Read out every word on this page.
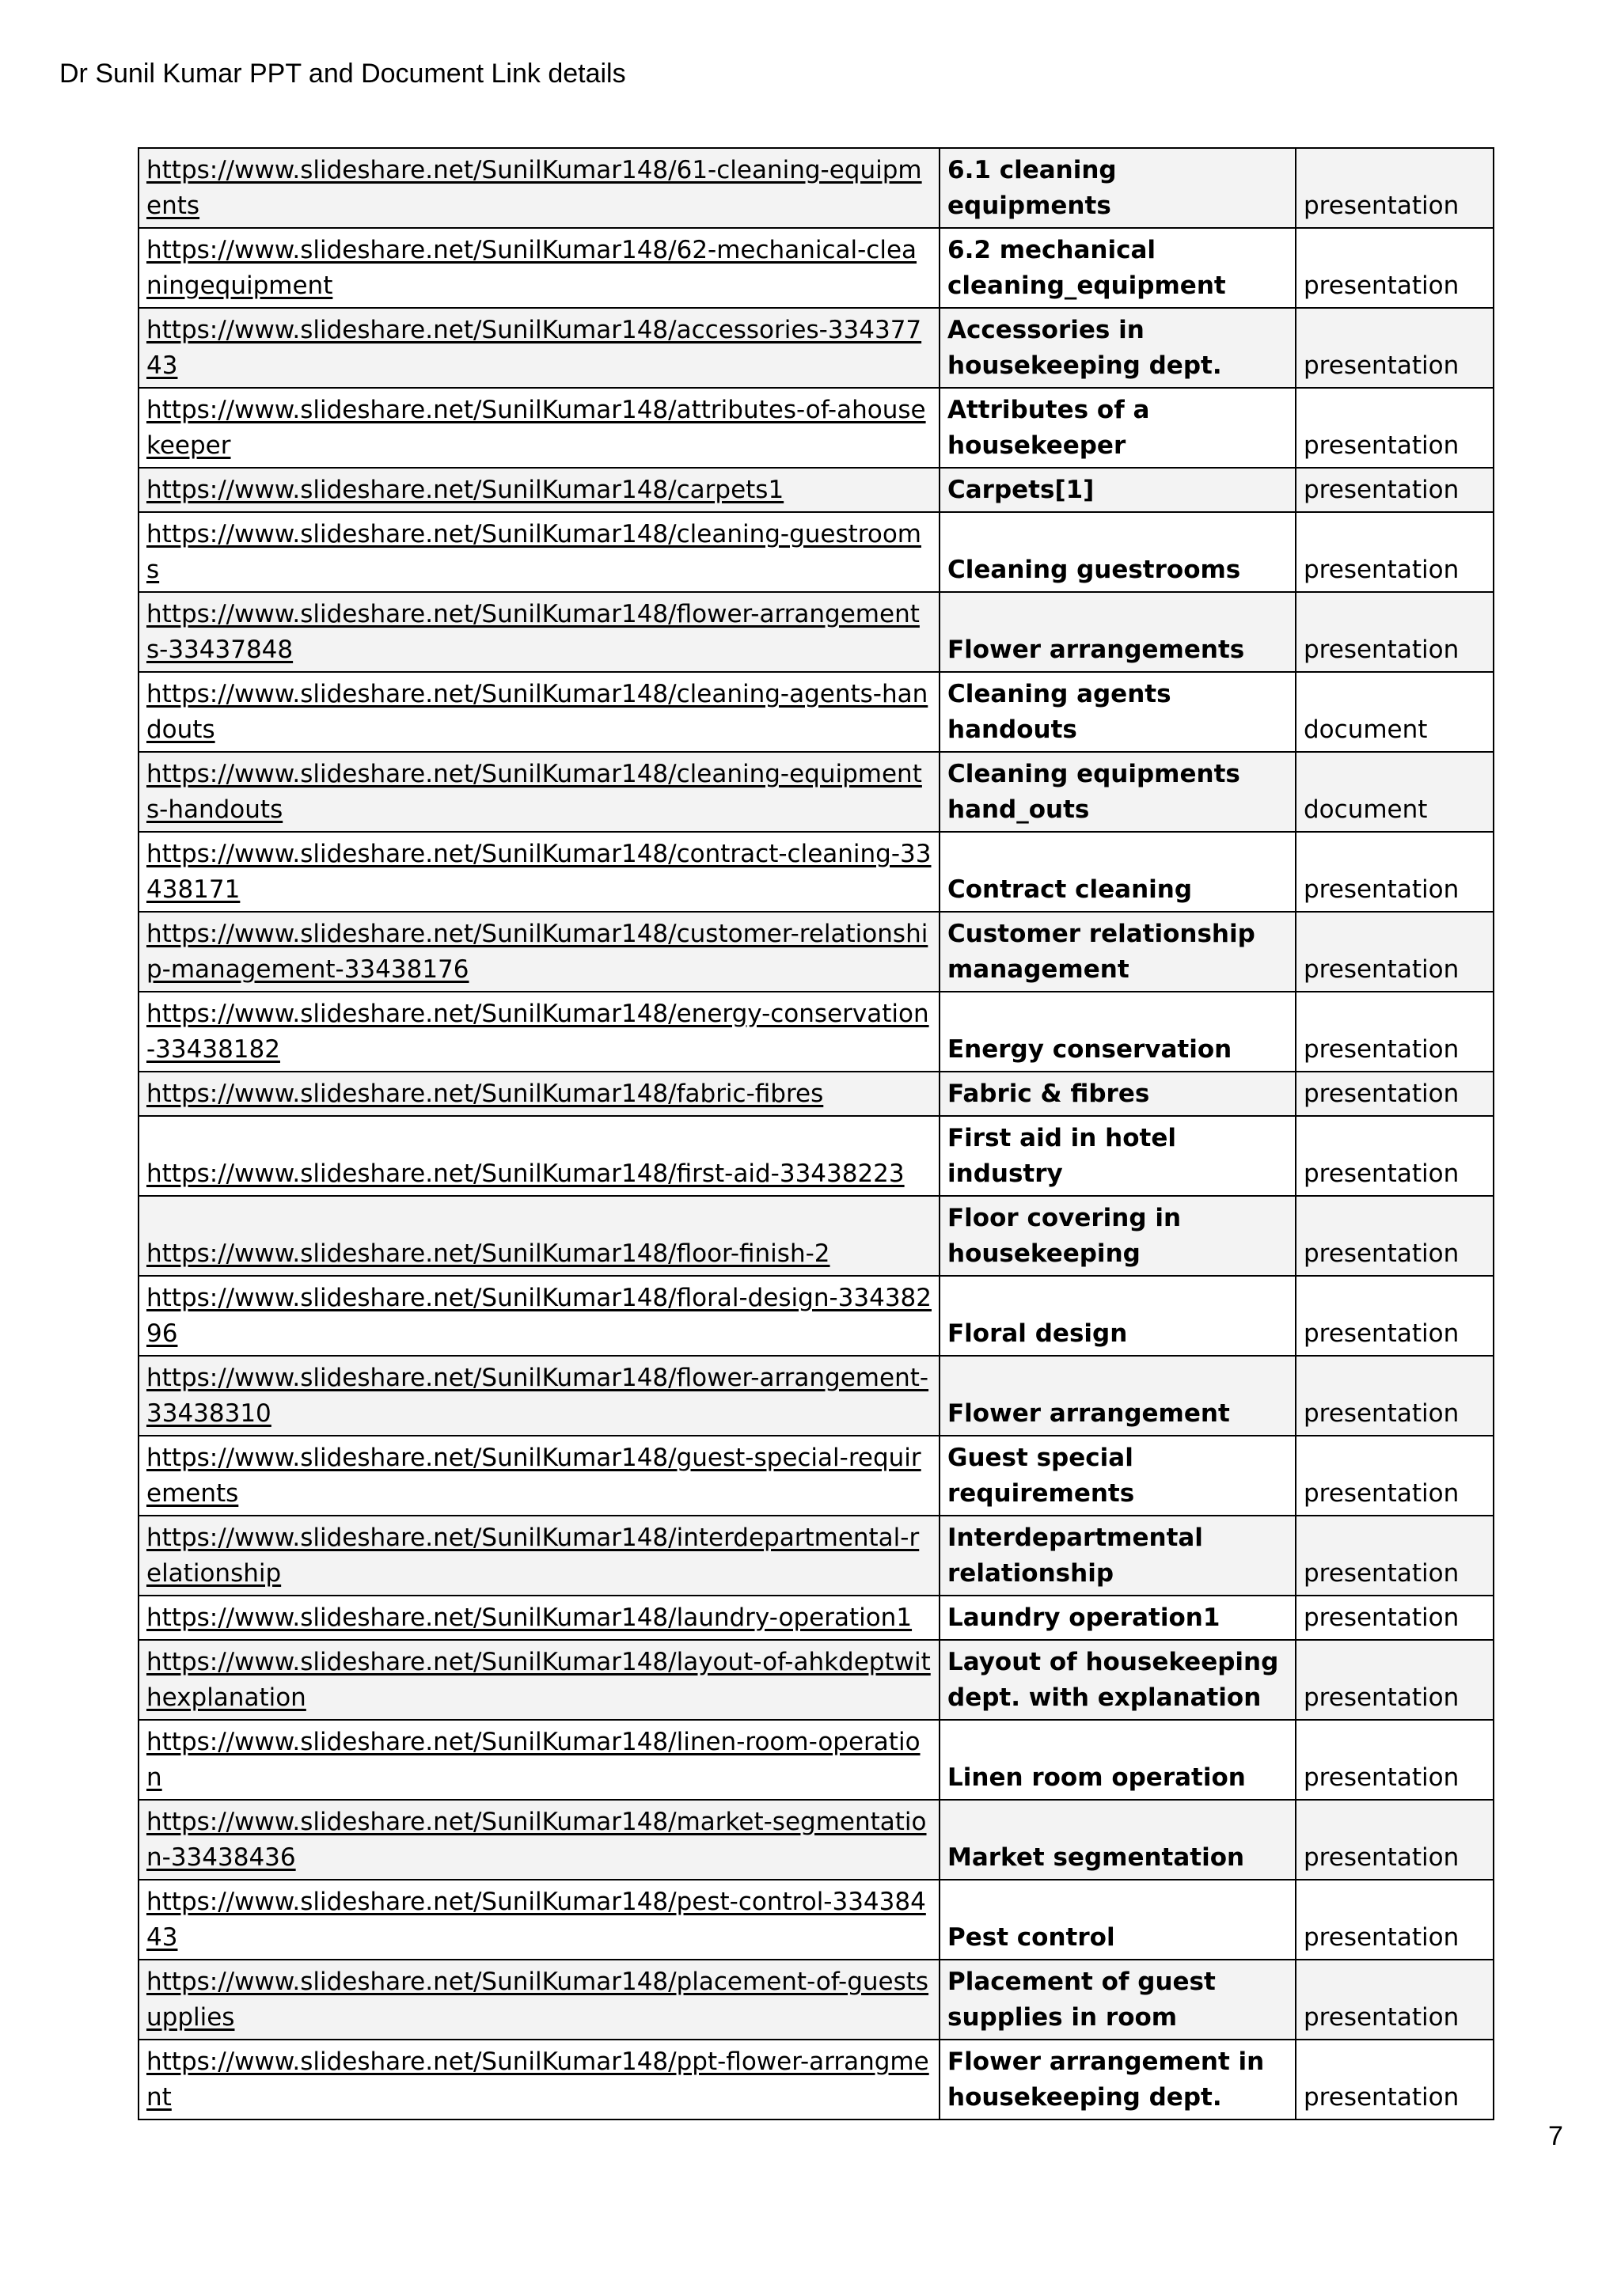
Dr Sunil Kumar PPT and Document Link details
https://www.slideshare.net/SunilKumar148/61-cleaning-equipments	6.1 cleaning equipments	presentation
https://www.slideshare.net/SunilKumar148/62-mechanical-cleaningequipment	6.2 mechanical cleaning_equipment	presentation
https://www.slideshare.net/SunilKumar148/accessories-33437743	Accessories in housekeeping dept.	presentation
https://www.slideshare.net/SunilKumar148/attributes-of-ahousekeeper	Attributes of a housekeeper	presentation
https://www.slideshare.net/SunilKumar148/carpets1	Carpets[1]	presentation
https://www.slideshare.net/SunilKumar148/cleaning-guestrooms	Cleaning guestrooms	presentation
https://www.slideshare.net/SunilKumar148/flower-arrangements-33437848	Flower arrangements	presentation
https://www.slideshare.net/SunilKumar148/cleaning-agents-handouts	Cleaning agents handouts	document
https://www.slideshare.net/SunilKumar148/cleaning-equipments-handouts	Cleaning equipments hand_outs	document
https://www.slideshare.net/SunilKumar148/contract-cleaning-33438171	Contract cleaning	presentation
https://www.slideshare.net/SunilKumar148/customer-relationship-management-33438176	Customer relationship management	presentation
https://www.slideshare.net/SunilKumar148/energy-conservation-33438182	Energy conservation	presentation
https://www.slideshare.net/SunilKumar148/fabric-fibres	Fabric & fibres	presentation
https://www.slideshare.net/SunilKumar148/first-aid-33438223	First aid in hotel industry	presentation
https://www.slideshare.net/SunilKumar148/floor-finish-2	Floor covering in housekeeping	presentation
https://www.slideshare.net/SunilKumar148/floral-design-33438296	Floral design	presentation
https://www.slideshare.net/SunilKumar148/flower-arrangement-33438310	Flower arrangement	presentation
https://www.slideshare.net/SunilKumar148/guest-special-requirements	Guest special requirements	presentation
https://www.slideshare.net/SunilKumar148/interdepartmental-relationship	Interdepartmental relationship	presentation
https://www.slideshare.net/SunilKumar148/laundry-operation1	Laundry operation1	presentation
https://www.slideshare.net/SunilKumar148/layout-of-ahkdeptwithexplanation	Layout of housekeeping dept. with explanation	presentation
https://www.slideshare.net/SunilKumar148/linen-room-operation	Linen room operation	presentation
https://www.slideshare.net/SunilKumar148/market-segmentation-33438436	Market segmentation	presentation
https://www.slideshare.net/SunilKumar148/pest-control-33438443	Pest control	presentation
https://www.slideshare.net/SunilKumar148/placement-of-guestsupplies	Placement of guest supplies in room	presentation
https://www.slideshare.net/SunilKumar148/ppt-flower-arrangment	Flower arrangement in housekeeping dept.	presentation
7
